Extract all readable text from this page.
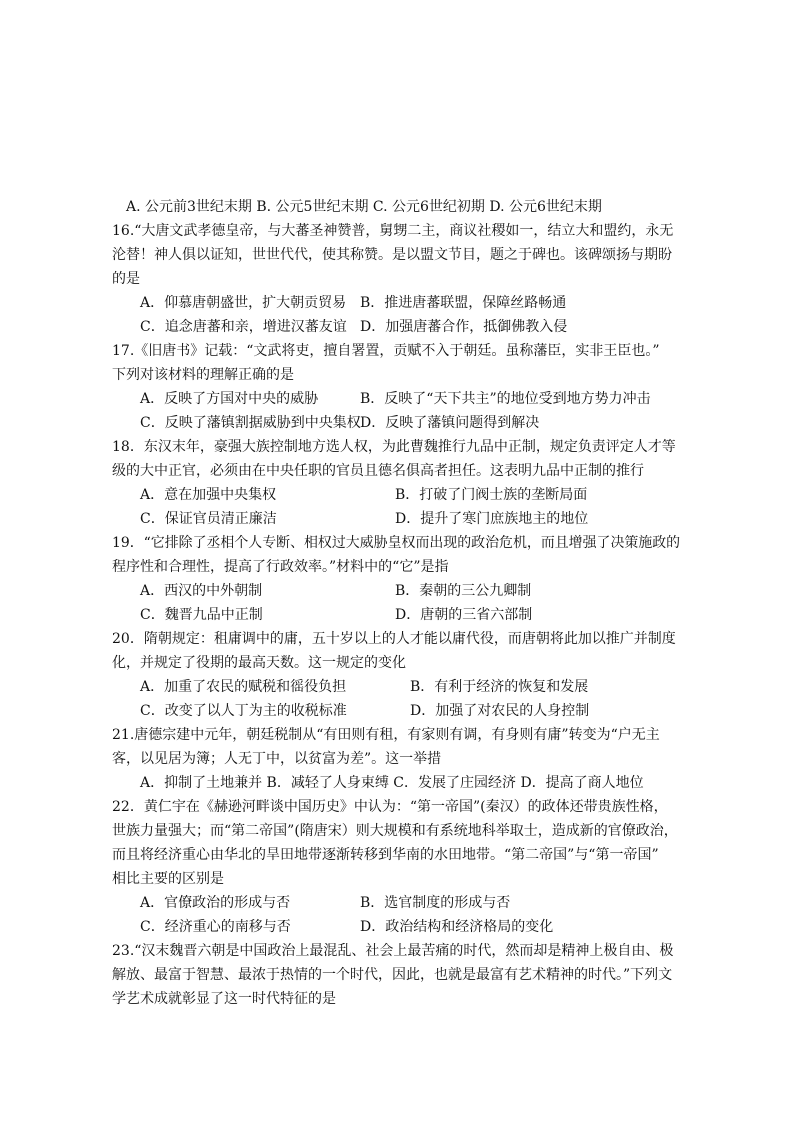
A. 公元前3世纪末期 B. 公元5世纪末期 C. 公元6世纪初期 D. 公元6世纪末期
16.“大唐文武孝德皇帝，与大蕃圣神赞普，舅甥二主，商议社稷如一，结立大和盟约，永无
沦替！神人俱以证知，世世代代，使其称赞。是以盟文节目，题之于碑也。该碑颂扬与期盼
的是
A．仰慕唐朝盛世，扩大朝贡贸易 B．推进唐蕃联盟，保障丝路畅通
C．追念唐蕃和亲，增进汉蕃友谊 D．加强唐蕃合作，抵御佛教入侵
17.《旧唐书》记载：“文武将吏，擅自署置，贡赋不入于朝廷。虽称藩臣，实非王臣也。”
下列对该材料的理解正确的是
A．反映了方国对中央的威胁	B．反映了“天下共主”的地位受到地方势力冲击
C．反映了藩镇割据威胁到中央集权 D．反映了藩镇问题得到解决
18．东汉末年，豪强大族控制地方选人权，为此曹魏推行九品中正制，规定负责评定人才等
级的大中正官，必须由在中央任职的官员且德名俱高者担任。这表明九品中正制的推行
A．意在加强中央集权	B．打破了门阀士族的垄断局面
C．保证官员清正廉洁	D．提升了寒门庶族地主的地位
19．“它排除了丞相个人专断、相权过大威胁皇权而出现的政治危机，而且增强了决策施政的
程序性和合理性，提高了行政效率。”材料中的“它”是指
A．西汉的中外朝制	B．秦朝的三公九卿制
C．魏晋九品中正制	D．唐朝的三省六部制
20．隋朝规定：租庸调中的庸，五十岁以上的人才能以庸代役，而唐朝将此加以推广并制度
化，并规定了役期的最高天数。这一规定的变化
A．加重了农民的赋税和徭役负担	B．有利于经济的恢复和发展
C．改变了以人丁为主的收税标准	D．加强了对农民的人身控制
21.唐德宗建中元年，朝廷税制从“有田则有租，有家则有调，有身则有庸”转变为“户无主
客，以见居为簿；人无丁中，以贫富为差”。这一举措
A．抑制了土地兼并 B．减轻了人身束缚 C．发展了庄园经济 D．提高了商人地位
22．黄仁宇在《赫逊河畔谈中国历史》中认为：“第一帝国”(秦汉）的政体还带贵族性格，
世族力量强大；而“第二帝国”(隋唐宋）则大规模和有系统地科举取士，造成新的官僚政治，
而且将经济重心由华北的旱田地带逐渐转移到华南的水田地带。“第二帝国”与“第一帝国”
相比主要的区别是
A．官僚政治的形成与否	B．选官制度的形成与否
C．经济重心的南移与否	D．政治结构和经济格局的变化
23.“汉末魏晋六朝是中国政治上最混乱、社会上最苦痛的时代，然而却是精神上极自由、极
解放、最富于智慧、最浓于热情的一个时代，因此，也就是最富有艺术精神的时代。”下列文
学艺术成就彰显了这一时代特征的是
